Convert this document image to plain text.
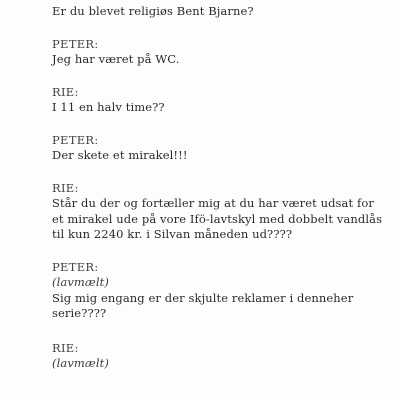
Er du blevet religiøs Bent Bjarne?
PETER:
Jeg har været på WC.
RIE:
I 11 en halv time??
PETER:
Der skete et mirakel!!!
RIE:
Står du der og fortæller mig at du har været udsat for
et mirakel ude på vore Ifö-lavtskyl med dobbelt vandlås
til kun 2240 kr. i Silvan måneden ud????
PETER:
(lavmælt)
Sig mig engang er der skjulte reklamer i denneher
serie????
RIE:
(lavmælt)
